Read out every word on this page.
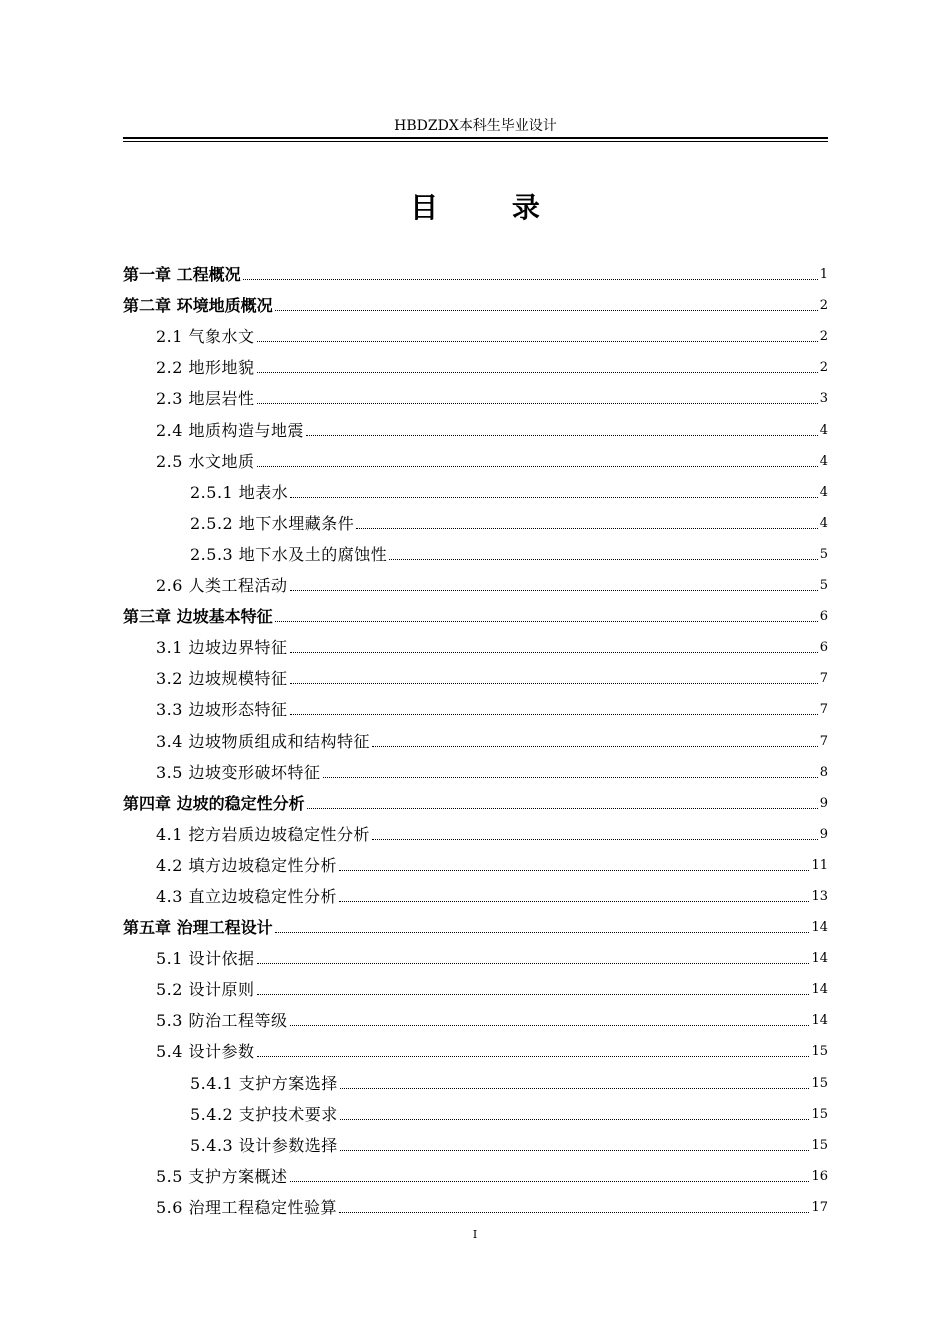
HBDZDX本科生毕业设计
目 录
第一章 工程概况	1
第二章 环境地质概况	2
2.1 气象水文	2
2.2 地形地貌	2
2.3 地层岩性	3
2.4 地质构造与地震	4
2.5 水文地质	4
2.5.1 地表水	4
2.5.2 地下水埋藏条件	4
2.5.3 地下水及土的腐蚀性	5
2.6 人类工程活动	5
第三章 边坡基本特征	6
3.1 边坡边界特征	6
3.2 边坡规模特征	7
3.3 边坡形态特征	7
3.4 边坡物质组成和结构特征	7
3.5 边坡变形破坏特征	8
第四章 边坡的稳定性分析	9
4.1 挖方岩质边坡稳定性分析	9
4.2 填方边坡稳定性分析	11
4.3 直立边坡稳定性分析	13
第五章 治理工程设计	14
5.1 设计依据	14
5.2 设计原则	14
5.3 防治工程等级	14
5.4 设计参数	15
5.4.1 支护方案选择	15
5.4.2 支护技术要求	15
5.4.3 设计参数选择	15
5.5 支护方案概述	16
5.6 治理工程稳定性验算	17
I
